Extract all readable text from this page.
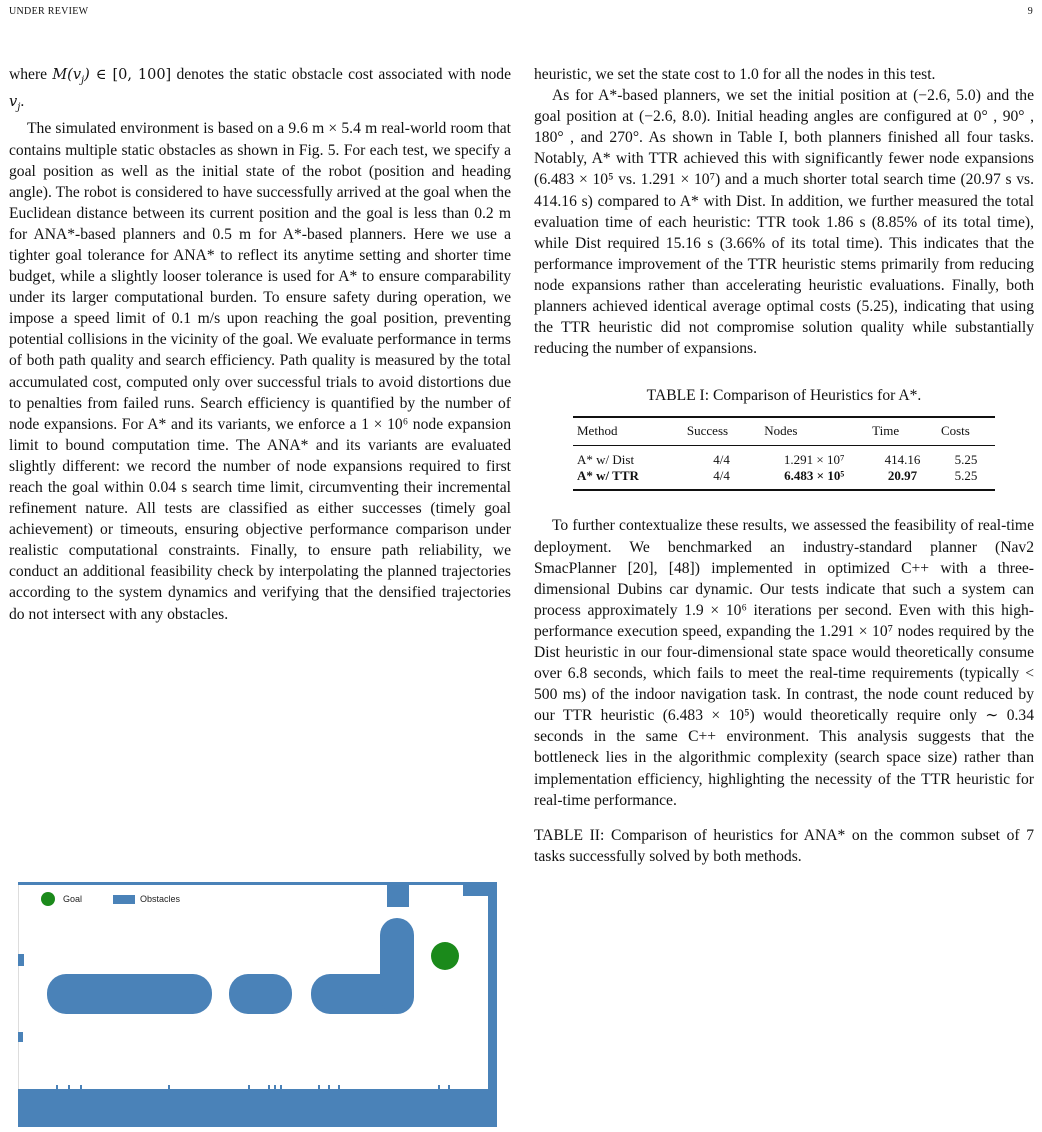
UNDER REVIEW	9

where $M(v_j)$ ∈ [0, 100] denotes the static obstacle cost associated with node $v_j$.

The simulated environment is based on a 9.6 m × 5.4 m real-world room that contains multiple static obstacles as shown in Fig. 5. For each test, we specify a goal position as well as the initial state of the robot (position and heading angle). The robot is considered to have successfully arrived at the goal when the Euclidean distance between its current position and the goal is less than 0.2 m for ANA*-based planners and 0.5 m for A*-based planners. Here we use a tighter goal tolerance for ANA* to reflect its anytime setting and shorter time budget, while a slightly looser tolerance is used for A* to ensure comparability under its larger computational burden. To ensure safety during operation, we impose a speed limit of 0.1 m/s upon reaching the goal position, preventing potential collisions in the vicinity of the goal. We evaluate performance in terms of both path quality and search efficiency. Path quality is measured by the total accumulated cost, computed only over successful trials to avoid distortions due to penalties from failed runs. Search efficiency is quantified by the number of node expansions. For A* and its variants, we enforce a 1 × 10⁶ node expansion limit to bound computation time. The ANA* and its variants are evaluated slightly different: we record the number of node expansions required to first reach the goal within 0.04 s search time limit, circumventing their incremental refinement nature. All tests are classified as either successes (timely goal achievement) or timeouts, ensuring objective performance comparison under realistic computational constraints. Finally, to ensure path reliability, we conduct an additional feasibility check by interpolating the planned trajectories according to the system dynamics and verifying that the densified trajectories do not intersect with any obstacles.

Goal	Obstacles

heuristic, we set the state cost to 1.0 for all the nodes in this test.

As for A*-based planners, we set the initial position at (−2.6, 5.0) and the goal position at (−2.6, 8.0). Initial heading angles are configured at 0° , 90° , 180° , and 270°. As shown in Table I, both planners finished all four tasks. Notably, A* with TTR achieved this with significantly fewer node expansions (6.483 × 10⁵ vs. 1.291 × 10⁷) and a much shorter total search time (20.97 s vs. 414.16 s) compared to A* with Dist. In addition, we further measured the total evaluation time of each heuristic: TTR took 1.86 s (8.85% of its total time), while Dist required 15.16 s (3.66% of its total time). This indicates that the performance improvement of the TTR heuristic stems primarily from reducing node expansions rather than accelerating heuristic evaluations. Finally, both planners achieved identical average optimal costs (5.25), indicating that using the TTR heuristic did not compromise solution quality while substantially reducing the number of expansions.

TABLE I: Comparison of Heuristics for A*.
Method	Success	Nodes	Time	Costs
A* w/ Dist	4/4	1.291 × 10⁷	414.16	5.25
A* w/ TTR	4/4	6.483 × 10⁵	20.97	5.25

To further contextualize these results, we assessed the feasibility of real-time deployment. We benchmarked an industry-standard planner (Nav2 SmacPlanner [20], [48]) implemented in optimized C++ with a three-dimensional Dubins car dynamic. Our tests indicate that such a system can process approximately 1.9 × 10⁶ iterations per second. Even with this high-performance execution speed, expanding the 1.291 × 10⁷ nodes required by the Dist heuristic in our four-dimensional state space would theoretically consume over 6.8 seconds, which fails to meet the real-time requirements (typically < 500 ms) of the indoor navigation task. In contrast, the node count reduced by our TTR heuristic (6.483 × 10⁵) would theoretically require only ∼ 0.34 seconds in the same C++ environment. This analysis suggests that the bottleneck lies in the algorithmic complexity (search space size) rather than implementation efficiency, highlighting the necessity of the TTR heuristic for real-time performance.

TABLE II: Comparison of heuristics for ANA* on the common subset of 7 tasks successfully solved by both methods.
